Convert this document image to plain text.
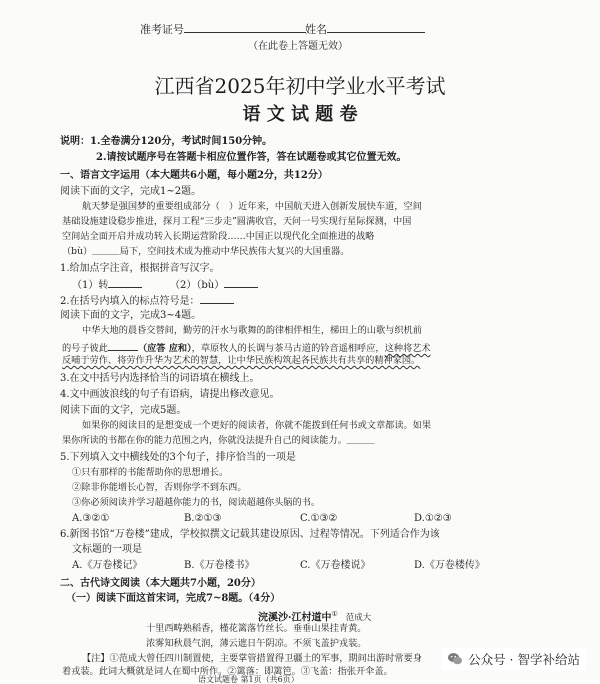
准考证号	姓名
（在此卷上答题无效）
江西省2025年初中学业水平考试
语 文 试 题 卷
说明：1.全卷满分120分，考试时间150分钟。
2.请按试题序号在答题卡相应位置作答，答在试题卷或其它位置无效。
一、语言文字运用（本大题共6小题，每小题2分，共12分）
阅读下面的文字，完成1~2题。
航天梦是强国梦的重要组成部分（　）近年来，中国航天进入创新发展快车道，空间
基础设施建设稳步推进，探月工程“三步走”圆满收官，天问一号实现行星际探测，中国
空间站全面开启并成功转入长期运营阶段……中国正以现代化全面推进的战略
（bù）＿＿＿局下，空间技术成为推动中华民族伟大复兴的大国重器。
1.给加点字注音，根据拼音写汉字。
（1）转	（2）（bù）
2.在括号内填入的标点符号是：
阅读下面的文字，完成3~4题。
中华大地的晨昏交替间，勤劳的汗水与歌舞的韵律相伴相生，梯田上的山歌与织机前
的号子彼此	（应答 应和），草原牧人的长调与茶马古道的铃音遥相呼应，这种将艺术
反哺于劳作、将劳作升华为艺术的智慧，让中华民族构筑起各民族共有共享的精神家园。
3.在文中括号内选择恰当的词语填在横线上。
4.文中画波浪线的句子有语病，请提出修改意见。
阅读下面的文字，完成5题。
如果你的阅读目的是想变成一个更好的阅读者，你就不能拨到任何书或文章都读。如果
果你所读的书都在你的能力范围之内，你就没法提升自己的阅读能力。＿＿＿
5.下列填入文中横线处的3个句子，排序恰当的一项是
①只有那样的书能帮助你的思想增长。
②除非你能增长心智，否则你学不到东西。
③你必须阅读并学习超越你能力的书，阅读超越你头脑的书。
A.③②①	B.②①③	C.①③②	D.①②③
6.新图书馆“万卷楼”建成，学校拟撰文记载其建设原因、过程等情况。下列适合作为该
文标题的一项是
A.《万卷楼记》	B.《万卷楼书》	C.《万卷楼说》	D.《万卷楼传》
二、古代诗文阅读（本大题共7小题，20分）
（一）阅读下面这首宋词，完成7~8题。（4分）
浣溪沙·江村道中① 范成大
十里西畴熟稻香，槿花篱落竹丝长。垂垂山果挂青黄。
浓雾知秋晨气润，薄云遮日午阴凉。不须飞盖护戎装。
【注】①范成大曾任四川制置使，主要掌管措置得卫疆土的军事，期间出游时常要身
着戎装。此词大概就是词人在蜀中所作。②篱落：即篱笆。③飞盖：指张开伞盖。
语文试题卷 第1页（共6页）
公众号 · 智学补给站
